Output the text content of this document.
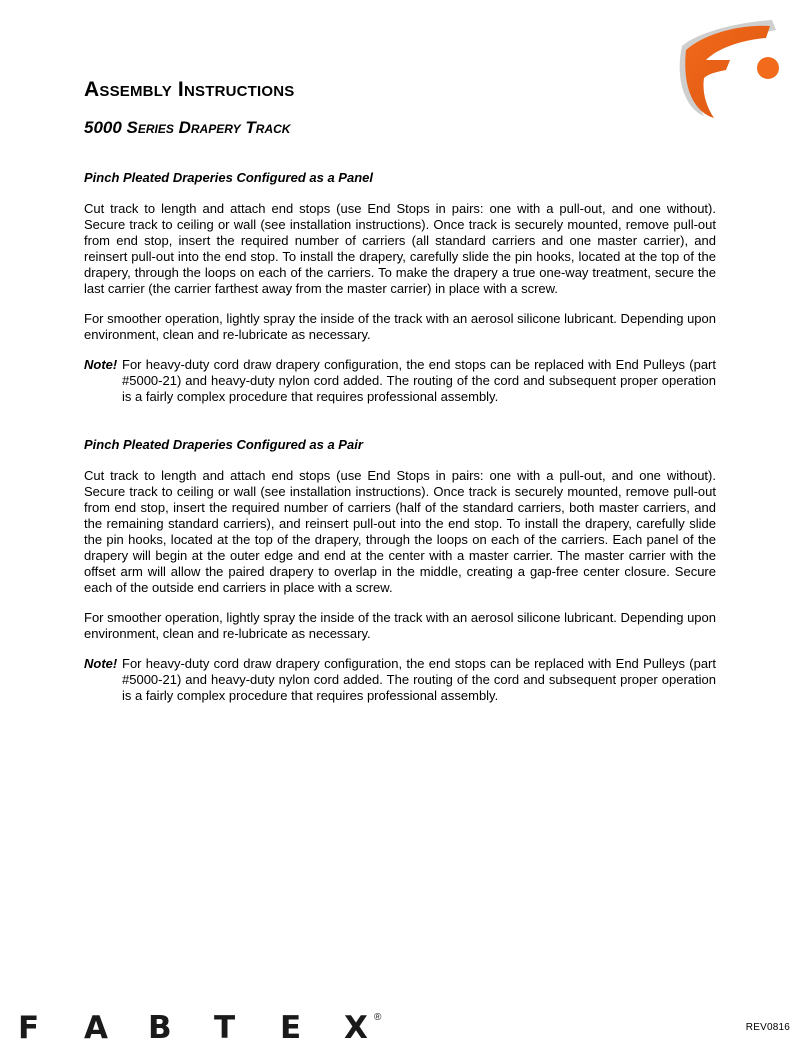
Assembly Instructions
5000 Series Drapery Track

Pinch Pleated Draperies Configured as a Panel

Cut track to length and attach end stops (use End Stops in pairs: one with a pull-out, and one without). Secure track to ceiling or wall (see installation instructions). Once track is securely mounted, remove pull-out from end stop, insert the required number of carriers (all standard carriers and one master carrier), and reinsert pull-out into the end stop. To install the drapery, carefully slide the pin hooks, located at the top of the drapery, through the loops on each of the carriers. To make the drapery a true one-way treatment, secure the last carrier (the carrier farthest away from the master carrier) in place with a screw.

For smoother operation, lightly spray the inside of the track with an aerosol silicone lubricant. Depending upon environment, clean and re-lubricate as necessary.

Note! For heavy-duty cord draw drapery configuration, the end stops can be replaced with End Pulleys (part #5000-21) and heavy-duty nylon cord added. The routing of the cord and subsequent proper operation is a fairly complex procedure that requires professional assembly.

Pinch Pleated Draperies Configured as a Pair

Cut track to length and attach end stops (use End Stops in pairs: one with a pull-out, and one without). Secure track to ceiling or wall (see installation instructions). Once track is securely mounted, remove pull-out from end stop, insert the required number of carriers (half of the standard carriers, both master carriers, and the remaining standard carriers), and reinsert pull-out into the end stop. To install the drapery, carefully slide the pin hooks, located at the top of the drapery, through the loops on each of the carriers. Each panel of the drapery will begin at the outer edge and end at the center with a master carrier. The master carrier with the offset arm will allow the paired drapery to overlap in the middle, creating a gap-free center closure. Secure each of the outside end carriers in place with a screw.

For smoother operation, lightly spray the inside of the track with an aerosol silicone lubricant. Depending upon environment, clean and re-lubricate as necessary.

Note! For heavy-duty cord draw drapery configuration, the end stops can be replaced with End Pulleys (part #5000-21) and heavy-duty nylon cord added. The routing of the cord and subsequent proper operation is a fairly complex procedure that requires professional assembly.
F A B T E X ®
REV0816
